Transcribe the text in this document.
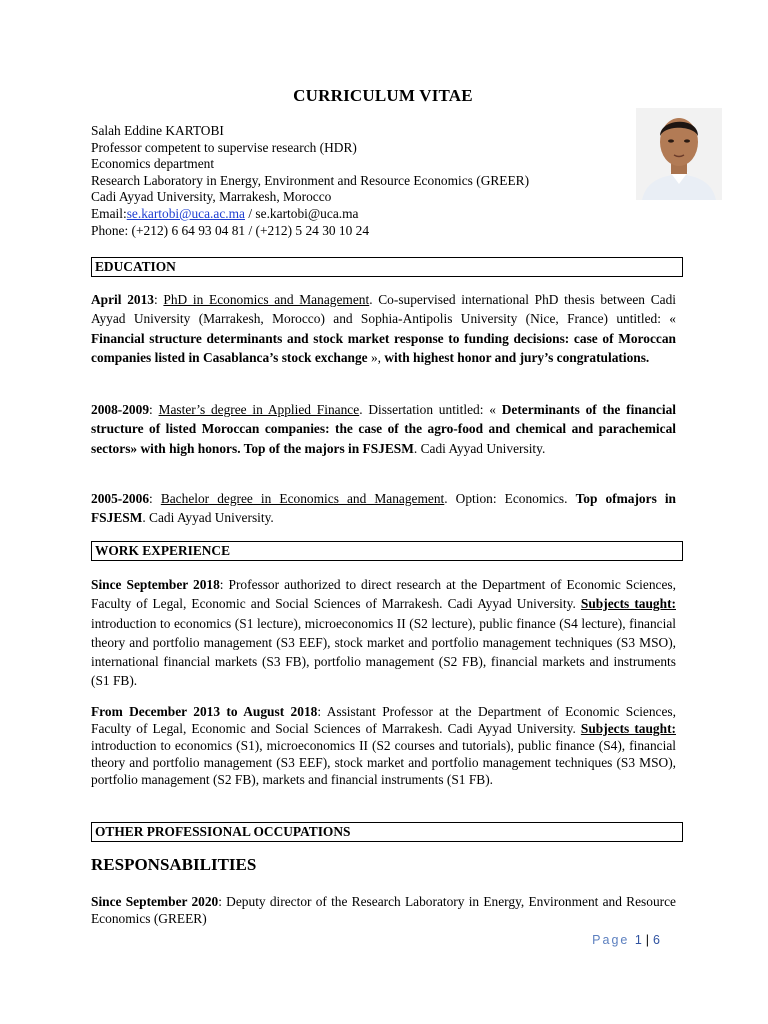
CURRICULUM VITAE
Salah Eddine KARTOBI
Professor competent to supervise research (HDR)
Economics department
Research Laboratory in Energy, Environment and Resource Economics (GREER)
Cadi Ayyad University, Marrakesh, Morocco
Email:se.kartobi@uca.ac.ma / se.kartobi@uca.ma
Phone: (+212) 6 64 93 04 81 / (+212) 5 24 30 10 24
EDUCATION
April 2013: PhD in Economics and Management. Co-supervised international PhD thesis between Cadi Ayyad University (Marrakesh, Morocco) and Sophia-Antipolis University (Nice, France) untitled: « Financial structure determinants and stock market response to funding decisions: case of Moroccan companies listed in Casablanca’s stock exchange », with highest honor and jury’s congratulations.
2008-2009: Master’s degree in Applied Finance. Dissertation untitled: « Determinants of the financial structure of listed Moroccan companies: the case of the agro-food and chemical and parachemical sectors» with high honors. Top of the majors in FSJESM. Cadi Ayyad University.
2005-2006: Bachelor degree in Economics and Management. Option: Economics. Top ofmajors in FSJESM. Cadi Ayyad University.
WORK EXPERIENCE
Since September 2018: Professor authorized to direct research at the Department of Economic Sciences, Faculty of Legal, Economic and Social Sciences of Marrakesh. Cadi Ayyad University. Subjects taught: introduction to economics (S1 lecture), microeconomics II (S2 lecture), public finance (S4 lecture), financial theory and portfolio management (S3 EEF), stock market and portfolio management techniques (S3 MSO), international financial markets (S3 FB), portfolio management (S2 FB), financial markets and instruments (S1 FB).
From December 2013 to August 2018: Assistant Professor at the Department of Economic Sciences, Faculty of Legal, Economic and Social Sciences of Marrakesh. Cadi Ayyad University. Subjects taught: introduction to economics (S1), microeconomics II (S2 courses and tutorials), public finance (S4), financial theory and portfolio management (S3 EEF), stock market and portfolio management techniques (S3 MSO), portfolio management (S2 FB), markets and financial instruments (S1 FB).
OTHER PROFESSIONAL OCCUPATIONS
RESPONSABILITIES
Since September 2020: Deputy director of the Research Laboratory in Energy, Environment and Resource Economics (GREER)
Page 1 | 6
